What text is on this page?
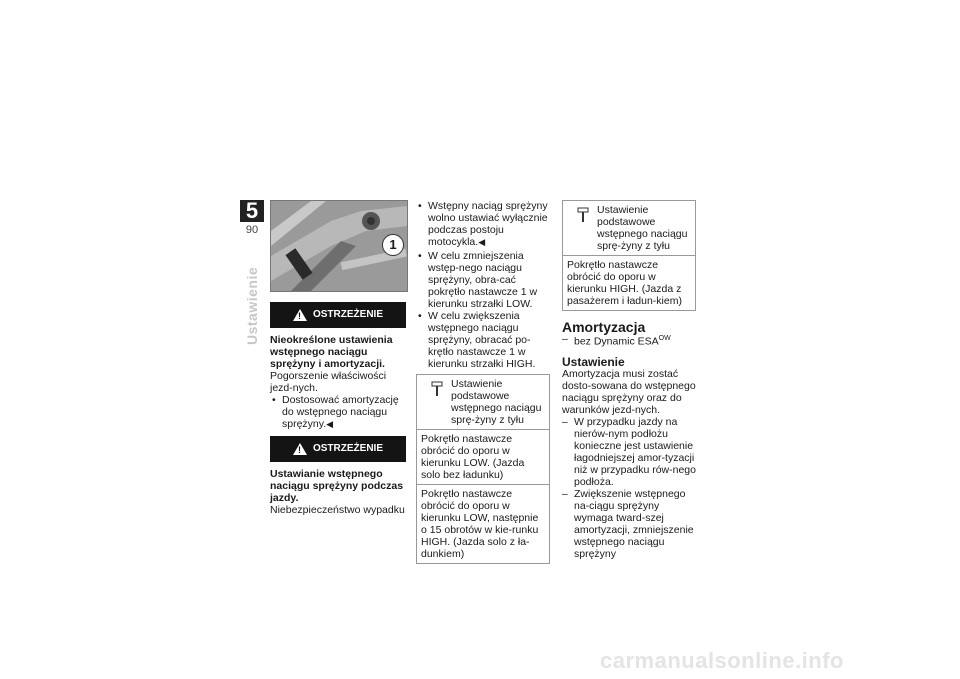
5
90
Ustawienie
1
! OSTRZEŻENIE

Nieokreślone ustawienia wstępnego naciągu sprężyny i amortyzacji.

Pogorszenie właściwości jezd-nych.

• Dostosować amortyzację do wstępnego naciągu sprężyny.◀
! OSTRZEŻENIE

Ustawianie wstępnego naciągu sprężyny podczas jazdy.

Niebezpieczeństwo wypadku

• Wstępny naciąg sprężyny wolno ustawiać wyłącznie podczas postoju motocykla.◀
• W celu zmniejszenia wstęp-nego naciągu sprężyny, obra-cać pokrętło nastawcze 1 w kierunku strzałki LOW.
• W celu zwiększenia wstępnego naciągu sprężyny, obracać po-krętło nastawcze 1 w kierunku strzałki HIGH.
Ustawienie podstawowe wstępnego naciągu sprę-żyny z tyłu
Pokrętło nastawcze obrócić do oporu w kierunku LOW. (Jazda solo bez ładunku)
Pokrętło nastawcze obrócić do oporu w kierunku LOW, następnie o 15 obrotów w kie-runku HIGH. (Jazda solo z ła-dunkiem)
Ustawienie podstawowe wstępnego naciągu sprę-żyny z tyłu
Pokrętło nastawcze obrócić do oporu w kierunku HIGH. (Jazda z pasażerem i ładun-kiem)
Amortyzacja
– bez Dynamic $ESA^{OW}$
Ustawienie

Amortyzacja musi zostać dosto-sowana do wstępnego naciągu sprężyny oraz do warunków jezd-nych.

– W przypadku jazdy na nierów-nym podłożu konieczne jest ustawienie łagodniejszej amor-tyzacji niż w przypadku rów-nego podłoża.
– Zwiększenie wstępnego na-ciągu sprężyny wymaga tward-szej amortyzacji, zmniejszenie wstępnego naciągu sprężyny
carmanualsonline.info
